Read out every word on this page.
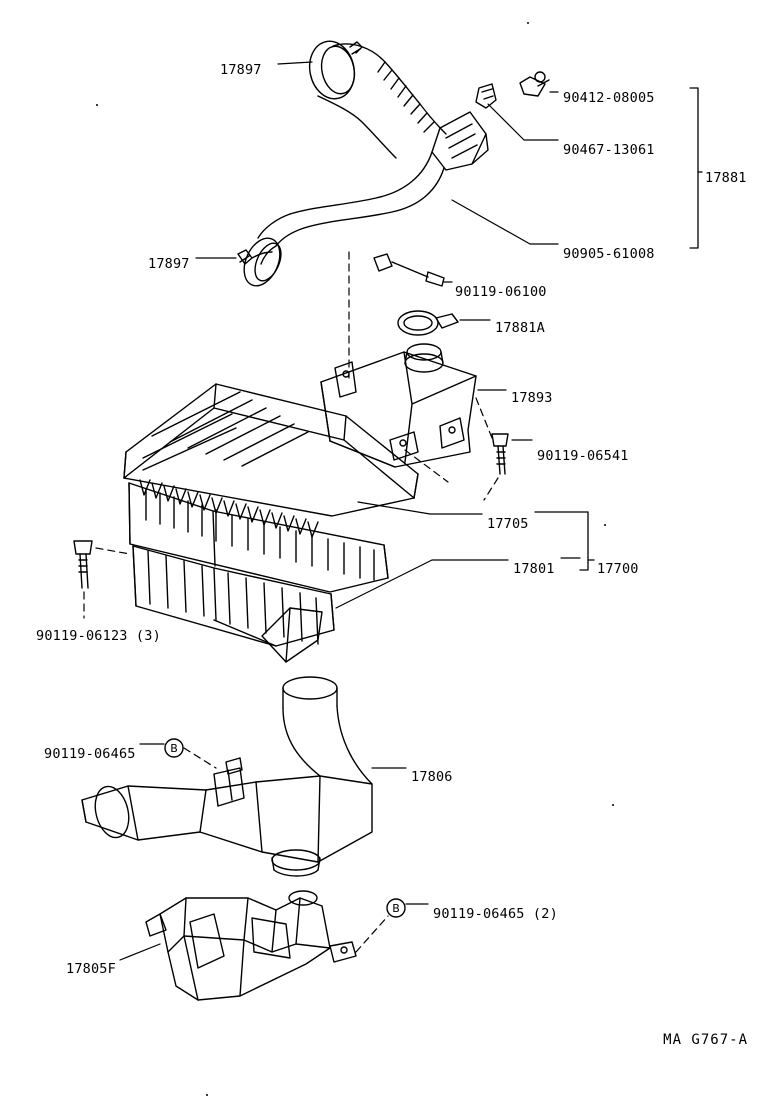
B
B
17897
90412-08005
90467-13061
17881
90905-61008
17897
90119-06100
17881A
17893
90119-06541
17705
17801	17700
90119-06123 (3)
90119-06465
17806
90119-06465 (2)
17805F
MA G767-A
